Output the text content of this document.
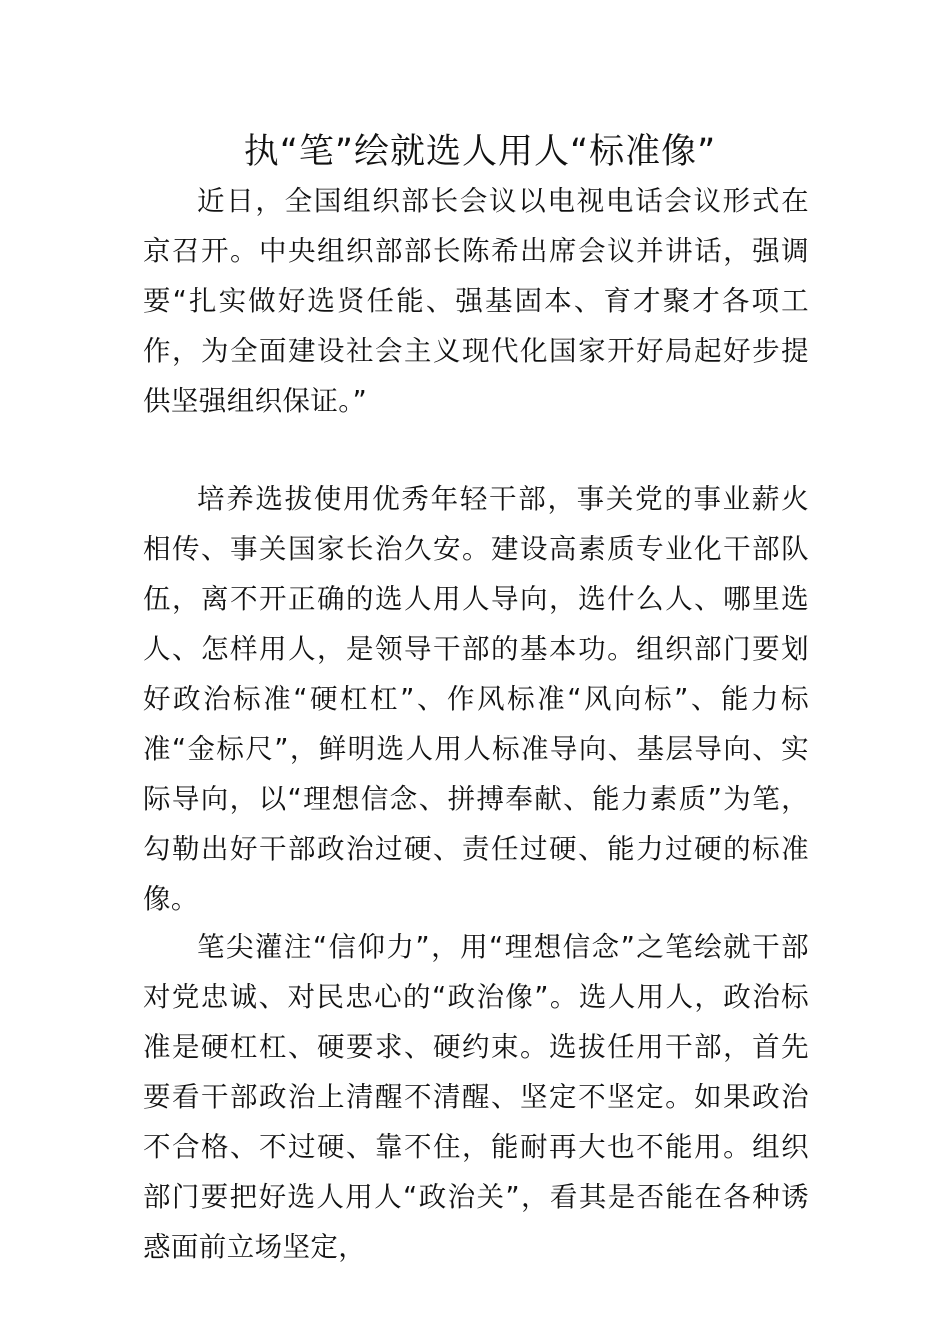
执“笔”绘就选人用人“标准像”

近日，全国组织部长会议以电视电话会议形式在京召开。中央组织部部长陈希出席会议并讲话，强调要“扎实做好选贤任能、强基固本、育才聚才各项工作，为全面建设社会主义现代化国家开好局起好步提供坚强组织保证。”

培养选拔使用优秀年轻干部，事关党的事业薪火相传、事关国家长治久安。建设高素质专业化干部队伍，离不开正确的选人用人导向，选什么人、哪里选人、怎样用人，是领导干部的基本功。组织部门要划好政治标准“硬杠杠”、作风标准“风向标”、能力标准“金标尺”，鲜明选人用人标准导向、基层导向、实际导向，以“理想信念、拼搏奉献、能力素质”为笔，勾勒出好干部政治过硬、责任过硬、能力过硬的标准像。

笔尖灌注“信仰力”，用“理想信念”之笔绘就干部对党忠诚、对民忠心的“政治像”。选人用人，政治标准是硬杠杠、硬要求、硬约束。选拔任用干部，首先要看干部政治上清醒不清醒、坚定不坚定。如果政治不合格、不过硬、靠不住，能耐再大也不能用。组织部门要把好选人用人“政治关”，看其是否能在各种诱惑面前立场坚定，
